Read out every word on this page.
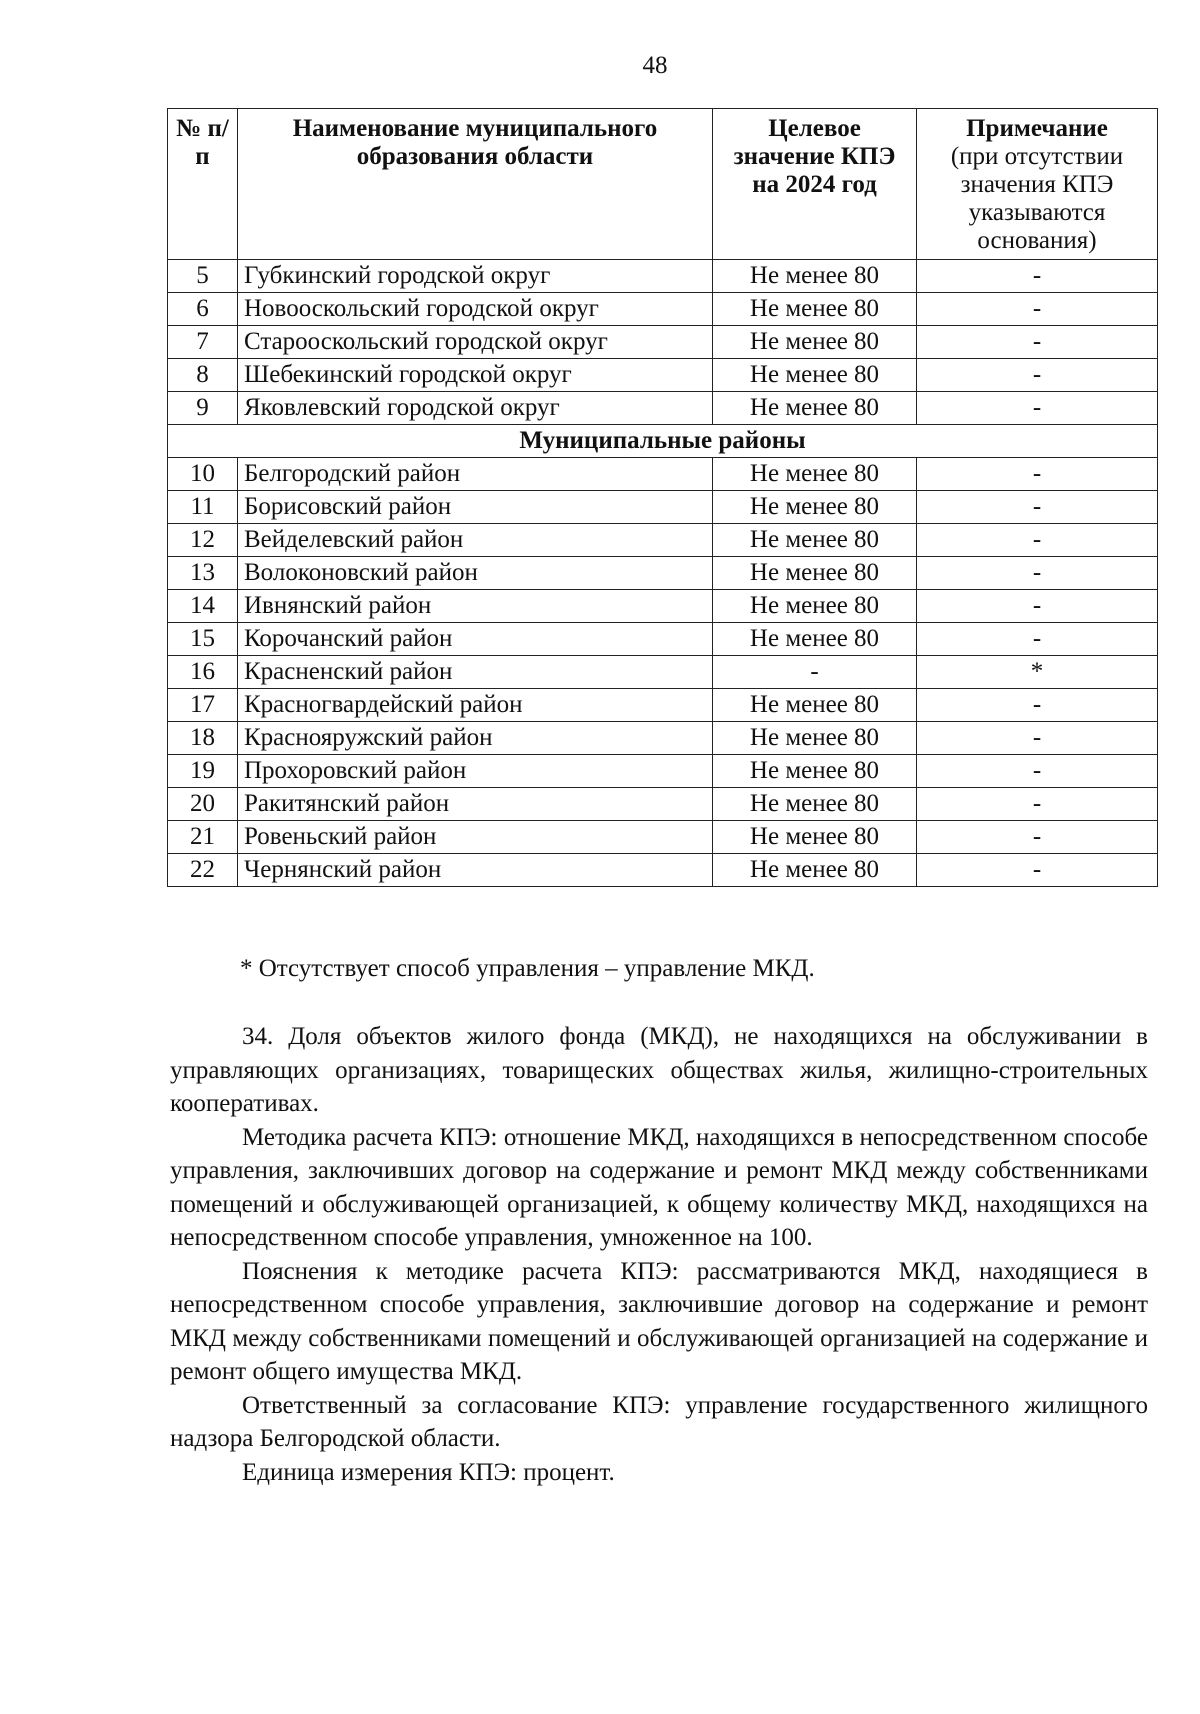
48
№ п/п	Наименование муниципального образования области	Целевое значение КПЭ на 2024 год	Примечание
(при отсутствии значения КПЭ указываются основания)
5	Губкинский городской округ	Не менее 80	-
6	Новооскольский городской округ	Не менее 80	-
7	Старооскольский городской округ	Не менее 80	-
8	Шебекинский городской округ	Не менее 80	-
9	Яковлевский городской округ	Не менее 80	-
Муниципальные районы			
10	Белгородский район	Не менее 80	-
11	Борисовский район	Не менее 80	-
12	Вейделевский район	Не менее 80	-
13	Волоконовский район	Не менее 80	-
14	Ивнянский район	Не менее 80	-
15	Корочанский район	Не менее 80	-
16	Красненский район	-	*
17	Красногвардейский район	Не менее 80	-
18	Краснояружский район	Не менее 80	-
19	Прохоровский район	Не менее 80	-
20	Ракитянский район	Не менее 80	-
21	Ровеньский район	Не менее 80	-
22	Чернянский район	Не менее 80	-
* Отсутствует способ управления – управление МКД.

34. Доля объектов жилого фонда (МКД), не находящихся на обслуживании в управляющих организациях, товарищеских обществах жилья, жилищно-строительных кооперативах.

Методика расчета КПЭ: отношение МКД, находящихся в непосредственном способе управления, заключивших договор на содержание и ремонт МКД между собственниками помещений и обслуживающей организацией, к общему количеству МКД, находящихся на непосредственном способе управления, умноженное на 100.

Пояснения к методике расчета КПЭ: рассматриваются МКД, находящиеся в непосредственном способе управления, заключившие договор на содержание и ремонт МКД между собственниками помещений и обслуживающей организацией на содержание и ремонт общего имущества МКД.

Ответственный за согласование КПЭ: управление государственного жилищного надзора Белгородской области.

Единица измерения КПЭ: процент.
